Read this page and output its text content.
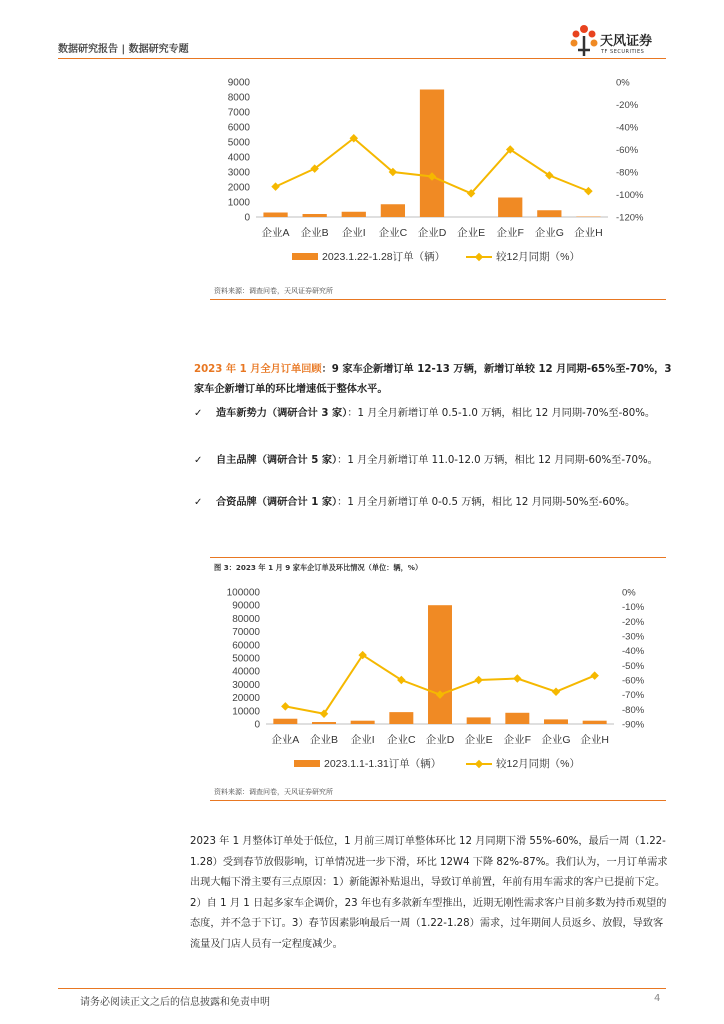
数据研究报告 | 数据研究专题
天风证券
TF SECURITIES
9000
8000
7000
6000
5000
4000
3000
2000
1000
0
0%
-20%
-40%
-60%
-80%
-100%
-120%
企业A 企业B 企业I 企业C 企业D 企业E 企业F 企业G 企业H
2023.1.22-1.28订单（辆）	较12月同期（%）
资料来源：调查问卷，天风证券研究所
2023 年 1 月全月订单回顾：9 家车企新增订单 12-13 万辆，新增订单较 12 月同期-65%至-70%，3 家车企新增订单的环比增速低于整体水平。
✓ 造车新势力（调研合计 3 家）：1 月全月新增订单 0.5-1.0 万辆，相比 12 月同期-70%至-80%。
✓ 自主品牌（调研合计 5 家）：1 月全月新增订单 11.0-12.0 万辆，相比 12 月同期-60%至-70%。
✓ 合资品牌（调研合计 1 家）：1 月全月新增订单 0-0.5 万辆，相比 12 月同期-50%至-60%。
图 3：2023 年 1 月 9 家车企订单及环比情况（单位：辆，%）
100000
90000
80000
70000
60000
50000
40000
30000
20000
10000
0
0%
-10%
-20%
-30%
-40%
-50%
-60%
-70%
-80%
-90%
企业A 企业B 企业I 企业C 企业D 企业E 企业F 企业G 企业H
2023.1.1-1.31订单（辆）	较12月同期（%）
资料来源：调查问卷，天风证券研究所
2023 年 1 月整体订单处于低位，1 月前三周订单整体环比 12 月同期下滑 55%-60%，最后一周（1.22-1.28）受到春节放假影响，订单情况进一步下滑，环比 12W4 下降 82%-87%。我们认为，一月订单需求出现大幅下滑主要有三点原因：1）新能源补贴退出，导致订单前置，年前有用车需求的客户已提前下定。2）自 1 月 1 日起多家车企调价，23 年也有多款新车型推出，近期无刚性需求客户目前多数为持币观望的态度，并不急于下订。3）春节因素影响最后一周（1.22-1.28）需求，过年期间人员返乡、放假，导致客流量及门店人员有一定程度减少。
请务必阅读正文之后的信息披露和免责申明	4
